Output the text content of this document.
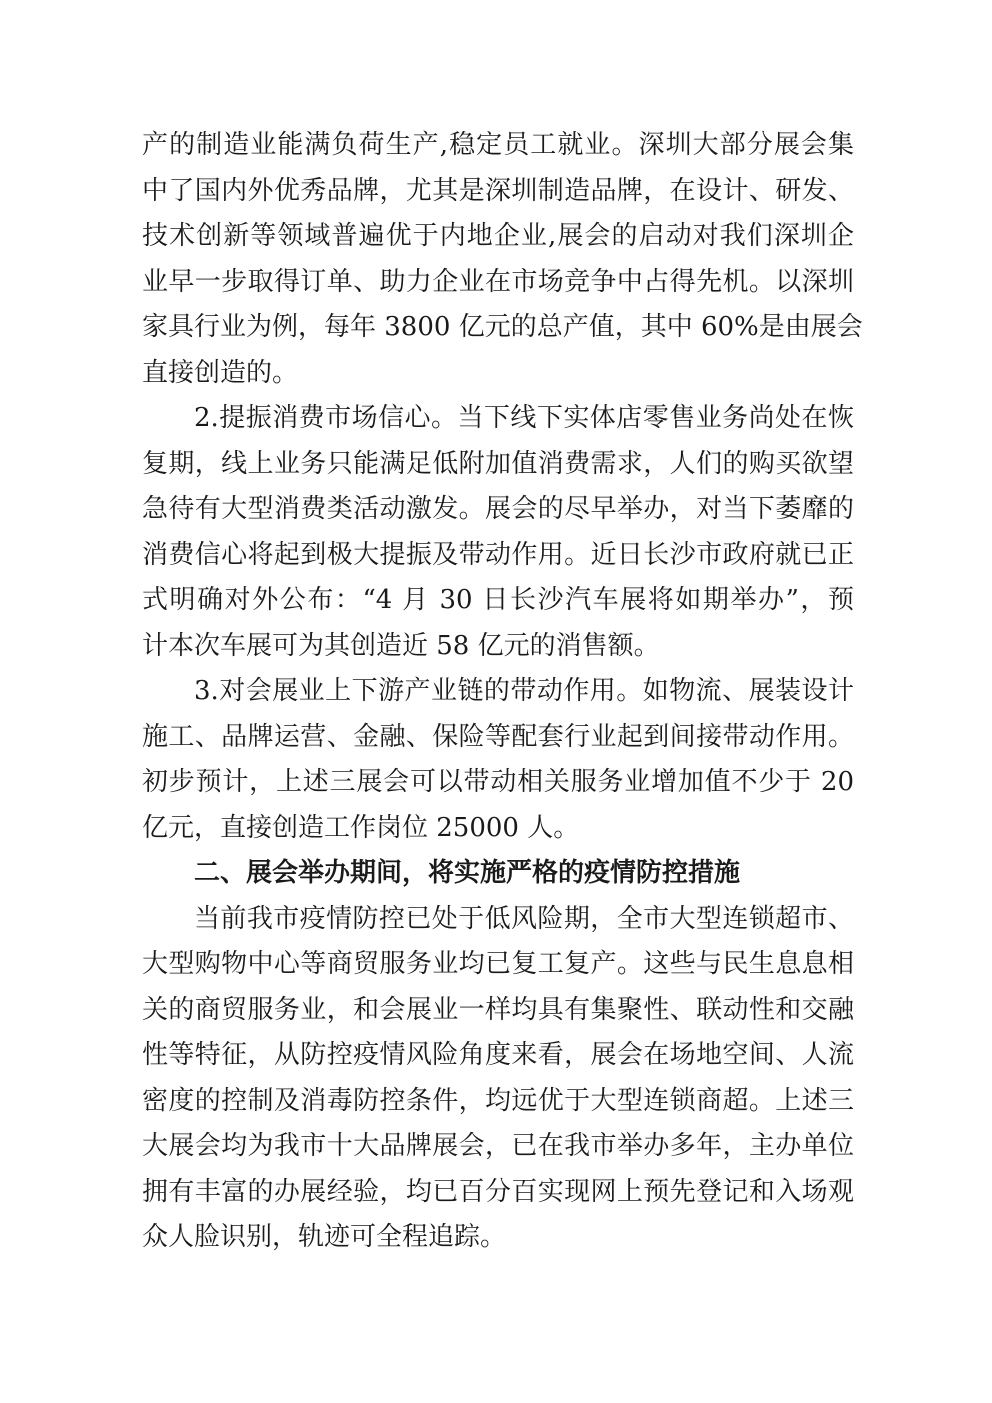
产的制造业能满负荷生产,稳定员工就业。深圳大部分展会集
中了国内外优秀品牌，尤其是深圳制造品牌，在设计、研发、
技术创新等领域普遍优于内地企业,展会的启动对我们深圳企
业早一步取得订单、助力企业在市场竞争中占得先机。以深圳
家具行业为例，每年 3800 亿元的总产值，其中 60%是由展会
直接创造的。
2.提振消费市场信心。当下线下实体店零售业务尚处在恢
复期，线上业务只能满足低附加值消费需求，人们的购买欲望
急待有大型消费类活动激发。展会的尽早举办，对当下萎靡的
消费信心将起到极大提振及带动作用。近日长沙市政府就已正
式明确对外公布：“4 月 30 日长沙汽车展将如期举办”，预
计本次车展可为其创造近 58 亿元的消售额。
3.对会展业上下游产业链的带动作用。如物流、展装设计
施工、品牌运营、金融、保险等配套行业起到间接带动作用。
初步预计，上述三展会可以带动相关服务业增加值不少于 20
亿元，直接创造工作岗位 25000 人。
二、展会举办期间，将实施严格的疫情防控措施
当前我市疫情防控已处于低风险期，全市大型连锁超市、
大型购物中心等商贸服务业均已复工复产。这些与民生息息相
关的商贸服务业，和会展业一样均具有集聚性、联动性和交融
性等特征，从防控疫情风险角度来看，展会在场地空间、人流
密度的控制及消毒防控条件，均远优于大型连锁商超。上述三
大展会均为我市十大品牌展会，已在我市举办多年，主办单位
拥有丰富的办展经验，均已百分百实现网上预先登记和入场观
众人脸识别，轨迹可全程追踪。
